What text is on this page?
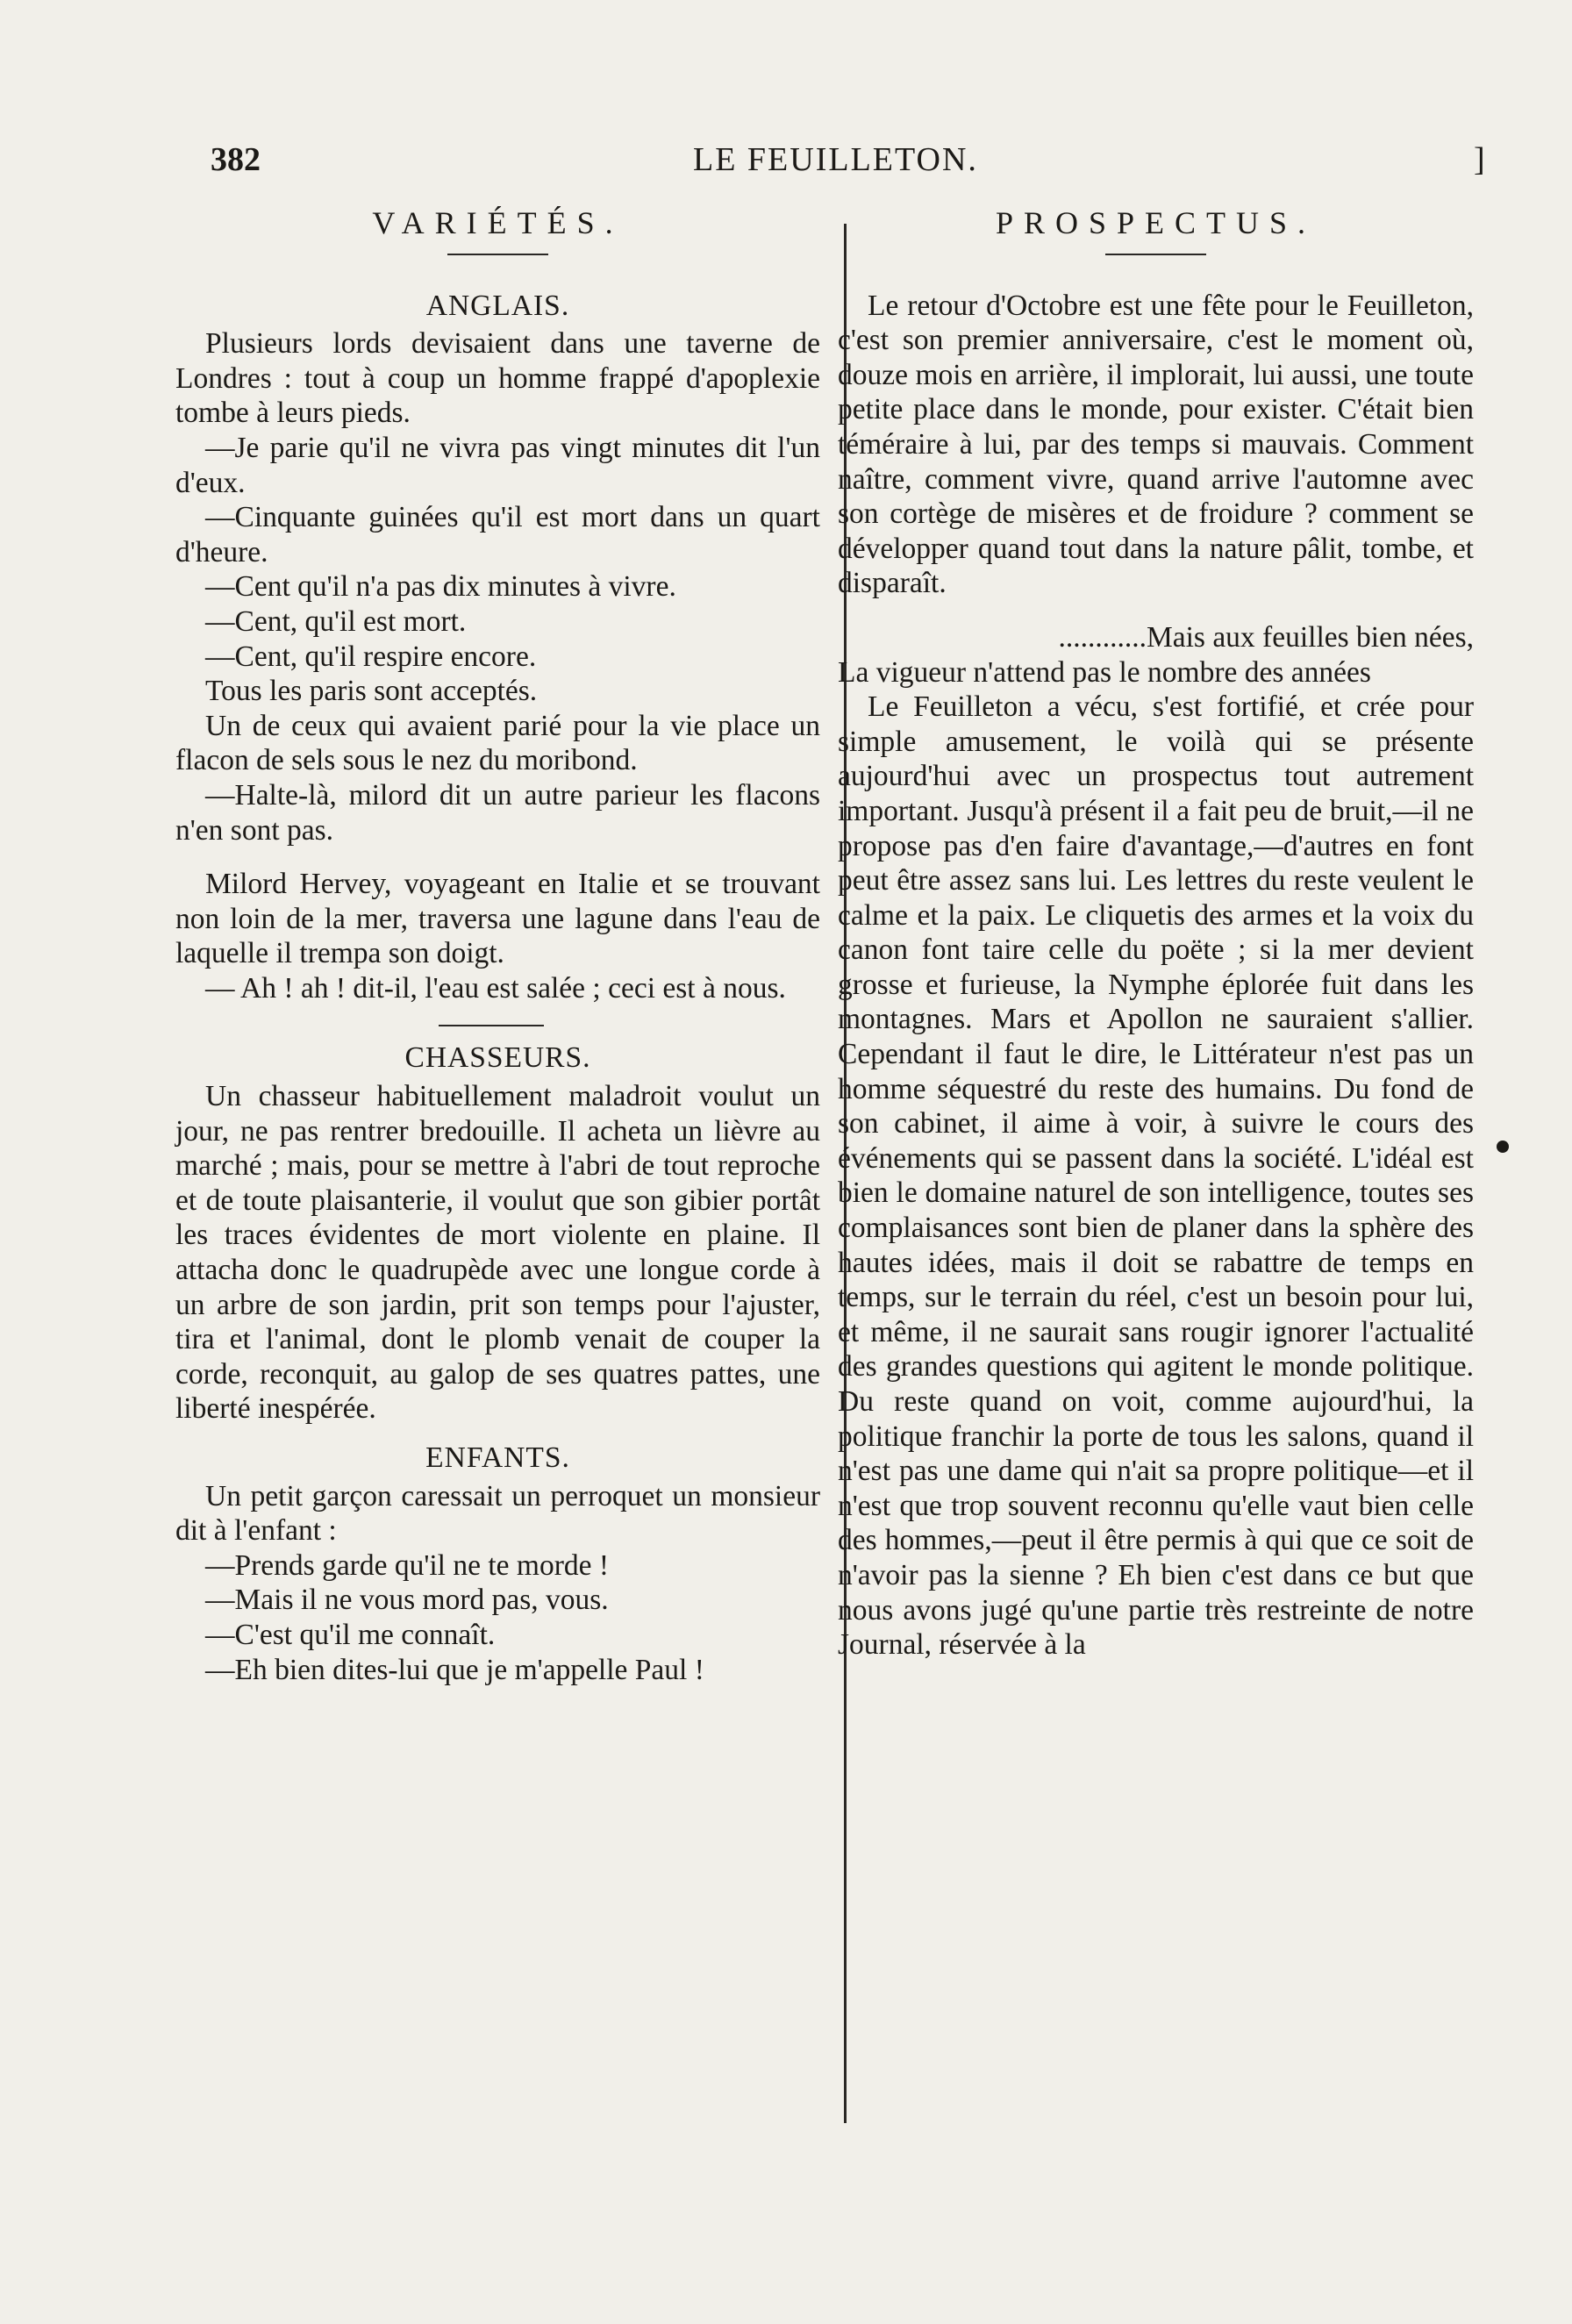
382	LE FEUILLETON.	]
VARIÉTÉS.
ANGLAIS.

Plusieurs lords devisaient dans une taverne de Londres : tout à coup un homme frappé d'apoplexie tombe à leurs pieds.

—Je parie qu'il ne vivra pas vingt minutes dit l'un d'eux.

—Cinquante guinées qu'il est mort dans un quart d'heure.

—Cent qu'il n'a pas dix minutes à vivre.

—Cent, qu'il est mort.

—Cent, qu'il respire encore.

Tous les paris sont acceptés.

Un de ceux qui avaient parié pour la vie place un flacon de sels sous le nez du moribond.

—Halte-là, milord dit un autre parieur les flacons n'en sont pas.

Milord Hervey, voyageant en Italie et se trouvant non loin de la mer, traversa une lagune dans l'eau de laquelle il trempa son doigt.

— Ah ! ah ! dit-il, l'eau est salée ; ceci est à nous.

CHASSEURS.

Un chasseur habituellement maladroit voulut un jour, ne pas rentrer bredouille. Il acheta un lièvre au marché ; mais, pour se mettre à l'abri de tout reproche et de toute plaisanterie, il voulut que son gibier portât les traces évidentes de mort violente en plaine. Il attacha donc le quadrupède avec une longue corde à un arbre de son jardin, prit son temps pour l'ajuster, tira et l'animal, dont le plomb venait de couper la corde, reconquit, au galop de ses quatres pattes, une liberté inespérée.

ENFANTS.

Un petit garçon caressait un perroquet un monsieur dit à l'enfant :

—Prends garde qu'il ne te morde !

—Mais il ne vous mord pas, vous.

—C'est qu'il me connaît.

—Eh bien dites-lui que je m'appelle Paul !

PROSPECTUS.

Le retour d'Octobre est une fête pour le Feuilleton, c'est son premier anniversaire, c'est le moment où, douze mois en arrière, il implorait, lui aussi, une toute petite place dans le monde, pour exister. C'était bien téméraire à lui, par des temps si mauvais. Comment naître, comment vivre, quand arrive l'automne avec son cortège de misères et de froidure ? comment se développer quand tout dans la nature pâlit, tombe, et disparaît.

............Mais aux feuilles bien nées,

La vigueur n'attend pas le nombre des années

Le Feuilleton a vécu, s'est fortifié, et crée pour simple amusement, le voilà qui se présente aujourd'hui avec un prospectus tout autrement important. Jusqu'à présent il a fait peu de bruit,—il ne propose pas d'en faire d'avantage,—d'autres en font peut être assez sans lui. Les lettres du reste veulent le calme et la paix. Le cliquetis des armes et la voix du canon font taire celle du poëte ; si la mer devient grosse et furieuse, la Nymphe éplorée fuit dans les montagnes. Mars et Apollon ne sauraient s'allier. Cependant il faut le dire, le Littérateur n'est pas un homme séquestré du reste des humains. Du fond de son cabinet, il aime à voir, à suivre le cours des événements qui se passent dans la société. L'idéal est bien le domaine naturel de son intelligence, toutes ses complaisances sont bien de planer dans la sphère des hautes idées, mais il doit se rabattre de temps en temps, sur le terrain du réel, c'est un besoin pour lui, et même, il ne saurait sans rougir ignorer l'actualité des grandes questions qui agitent le monde politique. Du reste quand on voit, comme aujourd'hui, la politique franchir la porte de tous les salons, quand il n'est pas une dame qui n'ait sa propre politique—et il n'est que trop souvent reconnu qu'elle vaut bien celle des hommes,—peut il être permis à qui que ce soit de n'avoir pas la sienne ? Eh bien c'est dans ce but que nous avons jugé qu'une partie très restreinte de notre Journal, réservée à la
